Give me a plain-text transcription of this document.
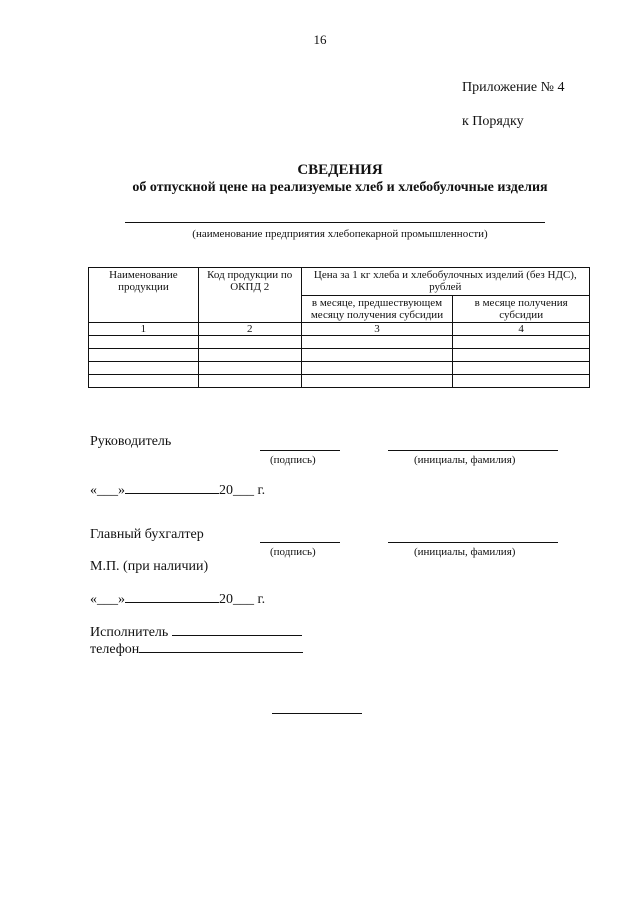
16
Приложение № 4
к Порядку
СВЕДЕНИЯ
об отпускной цене на реализуемые хлеб и хлебобулочные изделия
(наименование предприятия хлебопекарной промышленности)
Наименование продукции	Код продукции по ОКПД 2	Цена за 1 кг хлеба и хлебобулочных изделий (без НДС), рублей	
		в месяце, предшествующем месяцу получения субсидии	в месяце получения субсидии
1	2	3	4

Руководитель
(подпись)	(инициалы, фамилия)
«___»	20___ г.
Главный бухгалтер
(подпись)	(инициалы, фамилия)
М.П. (при наличии)
«___»	20___ г.
Исполнитель
телефон
